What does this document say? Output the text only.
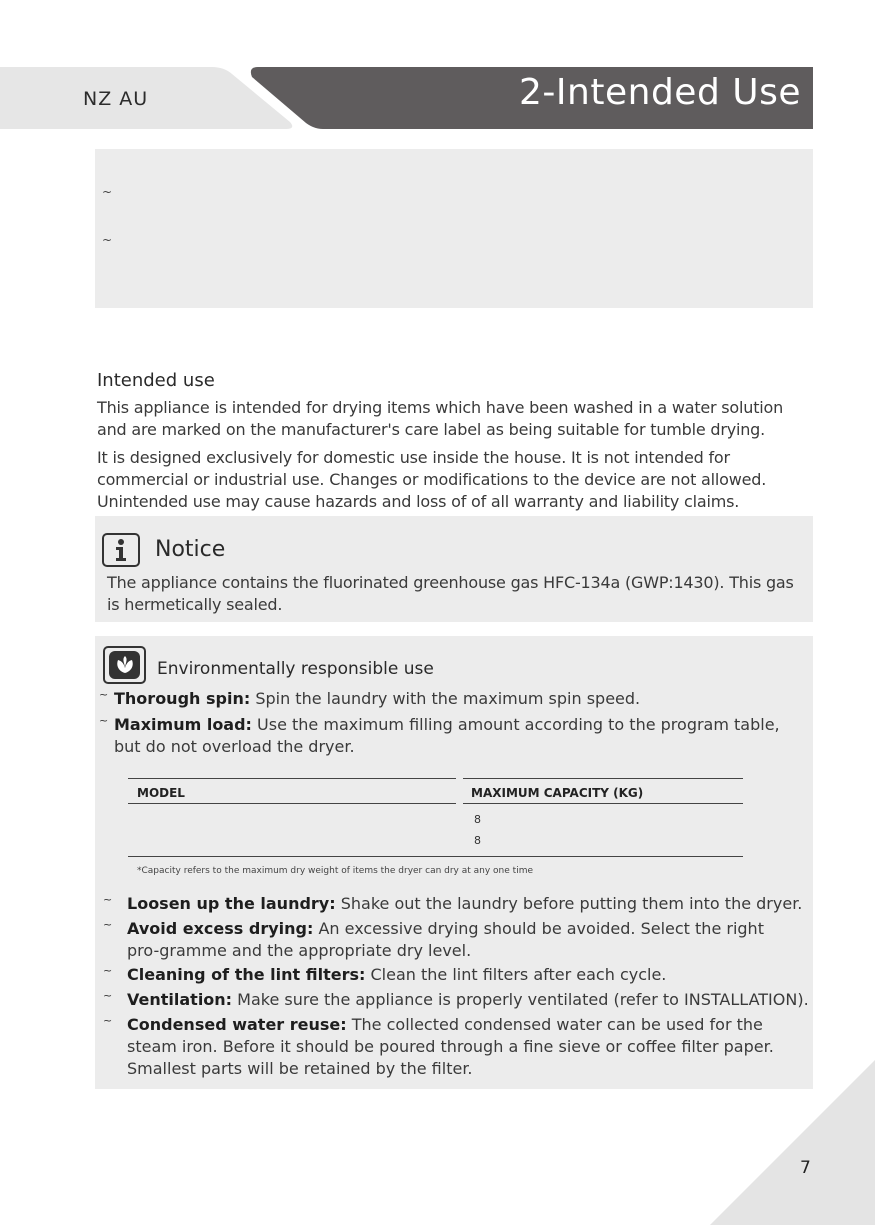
NZ AU	2-Intended Use
~
~
Intended use
This appliance is intended for drying items which have been washed in a water solution and are marked on the manufacturer's care label as being suitable for tumble drying.
It is designed exclusively for domestic use inside the house. It is not intended for commercial or industrial use. Changes or modifications to the device are not allowed. Unintended use may cause hazards and loss of of all warranty and liability claims.
Notice
The appliance contains the fluorinated greenhouse gas HFC-134a (GWP:1430). This gas is hermetically sealed.
Environmentally responsible use
~ Thorough spin: Spin the laundry with the maximum spin speed.
~ Maximum load: Use the maximum filling amount according to the program table, but do not overload the dryer.
MODEL	MAXIMUM CAPACITY (KG)
8
8
*Capacity refers to the maximum dry weight of items the dryer can dry at any one time
~ Loosen up the laundry: Shake out the laundry before putting them into the dryer.
~ Avoid excess drying: An excessive drying should be avoided. Select the right pro-gramme and the appropriate dry level.
~ Cleaning of the lint filters: Clean the lint filters after each cycle.
~ Ventilation: Make sure the appliance is properly ventilated (refer to INSTALLATION).
~ Condensed water reuse: The collected condensed water can be used for the steam iron. Before it should be poured through a fine sieve or coffee filter paper. Smallest parts will be retained by the filter.
7
